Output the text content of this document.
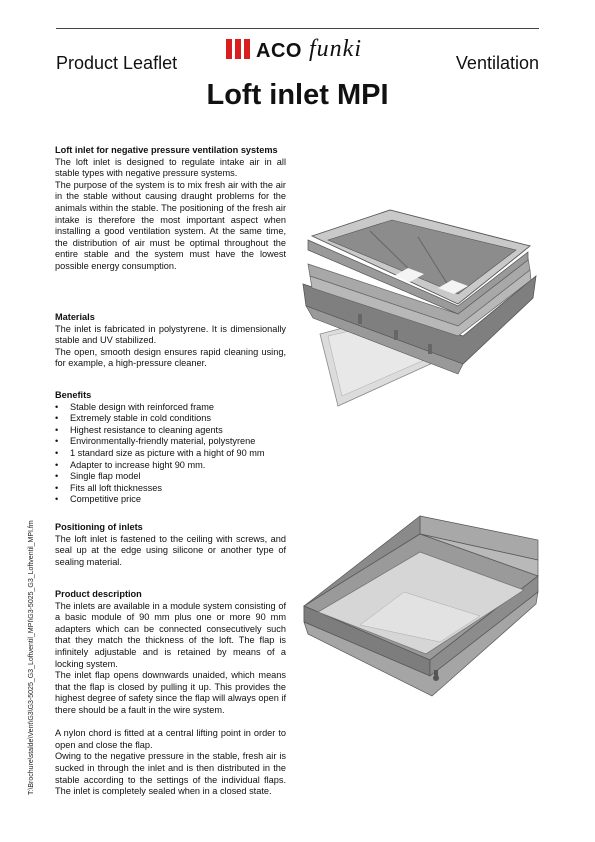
Product Leaflet
ACO funki
Ventilation
Loft inlet MPI
T:\Brochure\stalde\Vent\G3\G3-5025_G3_Loftventil_MPI\G3-5025_G3_Loftventil_MPI.fm
Loft inlet for negative pressure ventilation systems

The loft inlet is designed to regulate intake air in all stable types with negative pressure systems.

The purpose of the system is to mix fresh air with the air in the stable without causing draught problems for the animals within the stable. The positioning of the fresh air intake is therefore the most important aspect when installing a good ventilation system. At the same time, the distribution of air must be optimal throughout the entire stable and the system must have the lowest possible energy consumption.

Materials

The inlet is fabricated in polystyrene. It is dimensionally stable and UV stabilized.

The open, smooth design ensures rapid cleaning using, for example, a high-pressure cleaner.

Benefits
• Stable design with reinforced frame
• Extremely stable in cold conditions
• Highest resistance to cleaning agents
• Environmentally-friendly material, polystyrene
• 1 standard size as picture with a hight of 90 mm
• Adapter to increase hight 90 mm.
• Single flap model
• Fits all loft thicknesses
• Competitive price
Positioning of inlets

The loft inlet is fastened to the ceiling with screws, and seal up at the edge using silicone or another type of sealing material.

Product description

The inlets are available in a module system consisting of a basic module of 90 mm plus one or more 90 mm adapters which can be connected consecutively such that they match the thickness of the loft. The flap is infinitely adjustable and is retained by means of a locking system.

The inlet flap opens downwards unaided, which means that the flap is closed by pulling it up. This provides the highest degree of safety since the flap will always open if there should be a fault in the wire system.

A nylon chord is fitted at a central lifting point in order to open and close the flap.

Owing to the negative pressure in the stable, fresh air is sucked in through the inlet and is then distributed in the stable according to the settings of the individual flaps. The inlet is completely sealed when in a closed state.
